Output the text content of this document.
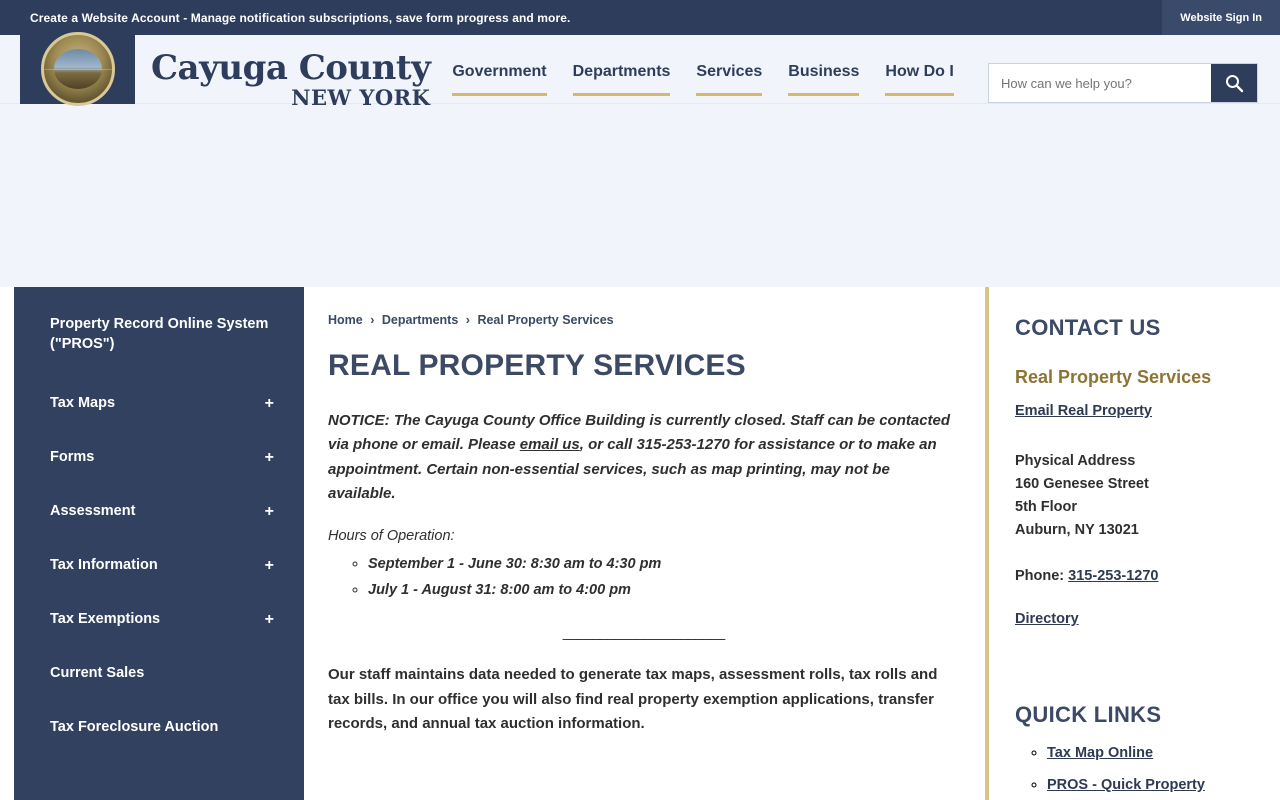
Create a Website Account - Manage notification subscriptions, save form progress and more.	Website Sign In
Cayuga County
NEW YORK
Government Departments Services Business How Do I
How can we help you?
Property Record Online System ("PROS")
Tax Maps	+
Forms	+
Assessment	+
Tax Information	+
Tax Exemptions	+
Current Sales
Tax Foreclosure Auction
Home › Departments › Real Property Services
REAL PROPERTY SERVICES

NOTICE: The Cayuga County Office Building is currently closed. Staff can be contacted via phone or email. Please email us, or call 315-253-1270 for assistance or to make an appointment. Certain non-essential services, such as map printing, may not be available.

Hours of Operation:
◦ September 1 - June 30: 8:30 am to 4:30 pm
◦ July 1 - August 31: 8:00 am to 4:00 pm
______________________

Our staff maintains data needed to generate tax maps, assessment rolls, tax rolls and tax bills. In our office you will also find real property exemption applications, transfer records, and annual tax auction information.

CONTACT US
Real Property Services
Email Real Property
Physical Address
160 Genesee Street
5th Floor
Auburn, NY 13021
Phone: 315-253-1270
Directory
QUICK LINKS
◦ Tax Map Online
◦ PROS - Quick Property
